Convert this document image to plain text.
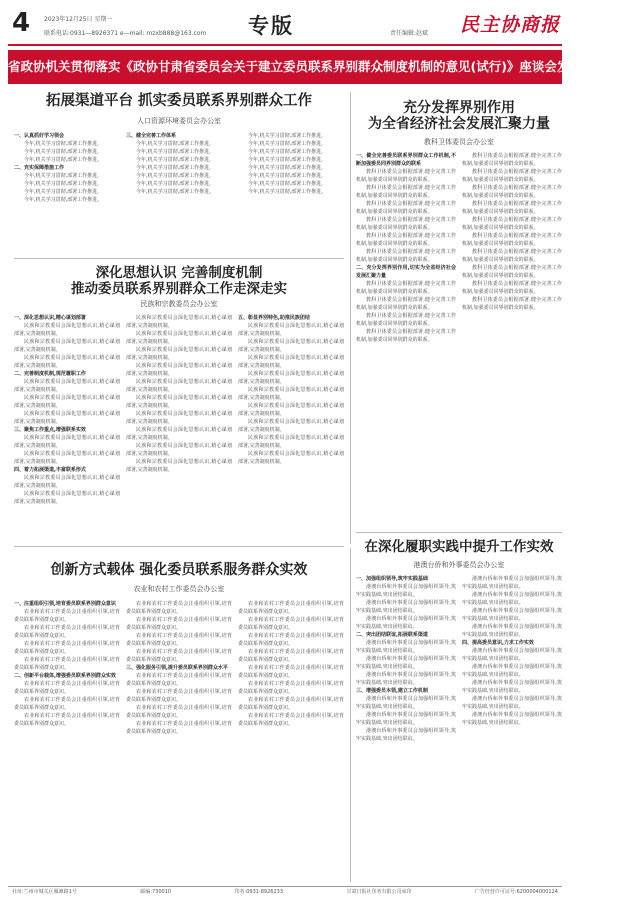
4 2023年12月25日 星期一
联系电话:0931—8926371 e—mail: mzxb888@163.com 专版	责任编辑:赵斌 民主协商报
省政协机关贯彻落实《政协甘肃省委员会关于建立委员联系界别群众制度机制的意见(试行)》座谈会发言摘编(二)
拓展渠道平台 抓实委员联系界别群众工作
人口资源环境委员会办公室

一、认真抓好学习领会

今年,机关学习贯彻,部署工作推进。

今年,机关学习贯彻,部署工作推进。

今年,机关学习贯彻,部署工作推进。

二、充实保障措施工作

今年,机关学习贯彻,部署工作推进。

今年,机关学习贯彻,部署工作推进。

今年,机关学习贯彻,部署工作推进。

今年,机关学习贯彻,部署工作推进。

三、健全完善工作体系

今年,机关学习贯彻,部署工作推进。

今年,机关学习贯彻,部署工作推进。

今年,机关学习贯彻,部署工作推进。

今年,机关学习贯彻,部署工作推进。

今年,机关学习贯彻,部署工作推进。

今年,机关学习贯彻,部署工作推进。

今年,机关学习贯彻,部署工作推进。

今年,机关学习贯彻,部署工作推进。

今年,机关学习贯彻,部署工作推进。

今年,机关学习贯彻,部署工作推进。

今年,机关学习贯彻,部署工作推进。

今年,机关学习贯彻,部署工作推进。

今年,机关学习贯彻,部署工作推进。

今年,机关学习贯彻,部署工作推进。

今年,机关学习贯彻,部署工作推进。

充分发挥界别作用
为全省经济社会发展汇聚力量
教科卫体委员会办公室

一、健全完善委员联系界别群众工作机制,不断加强委员同界别群众的联系

教科卫体委员会根据部署,健全完善工作机制,加强委员同界别群众的联系。

教科卫体委员会根据部署,健全完善工作机制,加强委员同界别群众的联系。

教科卫体委员会根据部署,健全完善工作机制,加强委员同界别群众的联系。

教科卫体委员会根据部署,健全完善工作机制,加强委员同界别群众的联系。

教科卫体委员会根据部署,健全完善工作机制,加强委员同界别群众的联系。

教科卫体委员会根据部署,健全完善工作机制,加强委员同界别群众的联系。

二、充分发挥界别作用,切实为全省经济社会发展汇聚力量

教科卫体委员会根据部署,健全完善工作机制,加强委员同界别群众的联系。

教科卫体委员会根据部署,健全完善工作机制,加强委员同界别群众的联系。

教科卫体委员会根据部署,健全完善工作机制,加强委员同界别群众的联系。

教科卫体委员会根据部署,健全完善工作机制,加强委员同界别群众的联系。

教科卫体委员会根据部署,健全完善工作机制,加强委员同界别群众的联系。

教科卫体委员会根据部署,健全完善工作机制,加强委员同界别群众的联系。

教科卫体委员会根据部署,健全完善工作机制,加强委员同界别群众的联系。

教科卫体委员会根据部署,健全完善工作机制,加强委员同界别群众的联系。

教科卫体委员会根据部署,健全完善工作机制,加强委员同界别群众的联系。

教科卫体委员会根据部署,健全完善工作机制,加强委员同界别群众的联系。

教科卫体委员会根据部署,健全完善工作机制,加强委员同界别群众的联系。

教科卫体委员会根据部署,健全完善工作机制,加强委员同界别群众的联系。

教科卫体委员会根据部署,健全完善工作机制,加强委员同界别群众的联系。

教科卫体委员会根据部署,健全完善工作机制,加强委员同界别群众的联系。

深化思想认识 完善制度机制
推动委员联系界别群众工作走深走实
民族和宗教委员会办公室

一、深化思想认识,精心谋划部署

民族和宗教委员会深化思想认识,精心谋划部署,完善制度机制。

民族和宗教委员会深化思想认识,精心谋划部署,完善制度机制。

民族和宗教委员会深化思想认识,精心谋划部署,完善制度机制。

二、完善制度机制,规范履职工作

民族和宗教委员会深化思想认识,精心谋划部署,完善制度机制。

民族和宗教委员会深化思想认识,精心谋划部署,完善制度机制。

民族和宗教委员会深化思想认识,精心谋划部署,完善制度机制。

三、聚焦工作重点,增强联系实效

民族和宗教委员会深化思想认识,精心谋划部署,完善制度机制。

民族和宗教委员会深化思想认识,精心谋划部署,完善制度机制。

四、着力拓展渠道,丰富联系形式

民族和宗教委员会深化思想认识,精心谋划部署,完善制度机制。

民族和宗教委员会深化思想认识,精心谋划部署,完善制度机制。

民族和宗教委员会深化思想认识,精心谋划部署,完善制度机制。

民族和宗教委员会深化思想认识,精心谋划部署,完善制度机制。

民族和宗教委员会深化思想认识,精心谋划部署,完善制度机制。

民族和宗教委员会深化思想认识,精心谋划部署,完善制度机制。

民族和宗教委员会深化思想认识,精心谋划部署,完善制度机制。

民族和宗教委员会深化思想认识,精心谋划部署,完善制度机制。

民族和宗教委员会深化思想认识,精心谋划部署,完善制度机制。

民族和宗教委员会深化思想认识,精心谋划部署,完善制度机制。

民族和宗教委员会深化思想认识,精心谋划部署,完善制度机制。

民族和宗教委员会深化思想认识,精心谋划部署,完善制度机制。

五、彰显界别特色,助推民族团结

民族和宗教委员会深化思想认识,精心谋划部署,完善制度机制。

民族和宗教委员会深化思想认识,精心谋划部署,完善制度机制。

民族和宗教委员会深化思想认识,精心谋划部署,完善制度机制。

民族和宗教委员会深化思想认识,精心谋划部署,完善制度机制。

民族和宗教委员会深化思想认识,精心谋划部署,完善制度机制。

民族和宗教委员会深化思想认识,精心谋划部署,完善制度机制。

民族和宗教委员会深化思想认识,精心谋划部署,完善制度机制。

民族和宗教委员会深化思想认识,精心谋划部署,完善制度机制。

民族和宗教委员会深化思想认识,精心谋划部署,完善制度机制。

在深化履职实践中提升工作实效
港澳台侨和外事委员会办公室

一、加强组织领导,筑牢实践基础

港澳台侨和外事委员会加强组织领导,筑牢实践基础,突出团结联谊。

港澳台侨和外事委员会加强组织领导,筑牢实践基础,突出团结联谊。

港澳台侨和外事委员会加强组织领导,筑牢实践基础,突出团结联谊。

二、突出团结联谊,拓展联系渠道

港澳台侨和外事委员会加强组织领导,筑牢实践基础,突出团结联谊。

港澳台侨和外事委员会加强组织领导,筑牢实践基础,突出团结联谊。

港澳台侨和外事委员会加强组织领导,筑牢实践基础,突出团结联谊。

三、增强委员本领,建立工作机制

港澳台侨和外事委员会加强组织领导,筑牢实践基础,突出团结联谊。

港澳台侨和外事委员会加强组织领导,筑牢实践基础,突出团结联谊。

港澳台侨和外事委员会加强组织领导,筑牢实践基础,突出团结联谊。

港澳台侨和外事委员会加强组织领导,筑牢实践基础,突出团结联谊。

港澳台侨和外事委员会加强组织领导,筑牢实践基础,突出团结联谊。

港澳台侨和外事委员会加强组织领导,筑牢实践基础,突出团结联谊。

港澳台侨和外事委员会加强组织领导,筑牢实践基础,突出团结联谊。

四、提高委员意识,力求工作实效

港澳台侨和外事委员会加强组织领导,筑牢实践基础,突出团结联谊。

港澳台侨和外事委员会加强组织领导,筑牢实践基础,突出团结联谊。

港澳台侨和外事委员会加强组织领导,筑牢实践基础,突出团结联谊。

港澳台侨和外事委员会加强组织领导,筑牢实践基础,突出团结联谊。

港澳台侨和外事委员会加强组织领导,筑牢实践基础,突出团结联谊。

创新方式载体 强化委员联系服务群众实效
农业和农村工作委员会办公室

一、注重组织引领,培育委员联系界别群众意识

农业和农村工作委员会注重组织引领,培育委员联系界别群众意识。

农业和农村工作委员会注重组织引领,培育委员联系界别群众意识。

农业和农村工作委员会注重组织引领,培育委员联系界别群众意识。

农业和农村工作委员会注重组织引领,培育委员联系界别群众意识。

二、创新平台载体,增强委员联系界别群众实效

农业和农村工作委员会注重组织引领,培育委员联系界别群众意识。

农业和农村工作委员会注重组织引领,培育委员联系界别群众意识。

农业和农村工作委员会注重组织引领,培育委员联系界别群众意识。

农业和农村工作委员会注重组织引领,培育委员联系界别群众意识。

农业和农村工作委员会注重组织引领,培育委员联系界别群众意识。

农业和农村工作委员会注重组织引领,培育委员联系界别群众意识。

农业和农村工作委员会注重组织引领,培育委员联系界别群众意识。

三、强化服务引领,提升委员联系界别群众水平

农业和农村工作委员会注重组织引领,培育委员联系界别群众意识。

农业和农村工作委员会注重组织引领,培育委员联系界别群众意识。

农业和农村工作委员会注重组织引领,培育委员联系界别群众意识。

农业和农村工作委员会注重组织引领,培育委员联系界别群众意识。

农业和农村工作委员会注重组织引领,培育委员联系界别群众意识。

农业和农村工作委员会注重组织引领,培育委员联系界别群众意识。

农业和农村工作委员会注重组织引领,培育委员联系界别群众意识。

农业和农村工作委员会注重组织引领,培育委员联系界别群众意识。

农业和农村工作委员会注重组织引领,培育委员联系界别群众意识。

农业和农村工作委员会注重组织引领,培育委员联系界别群众意识。

农业和农村工作委员会注重组织引领,培育委员联系界别群众意识。

农业和农村工作委员会注重组织引领,培育委员联系界别群众意识。

社址:兰州市城关区雁滩路1号	邮编:730010	印务:0931-8926233	甘肃日报社印务有限公司承印	广告经营许可证号:6200004000124
